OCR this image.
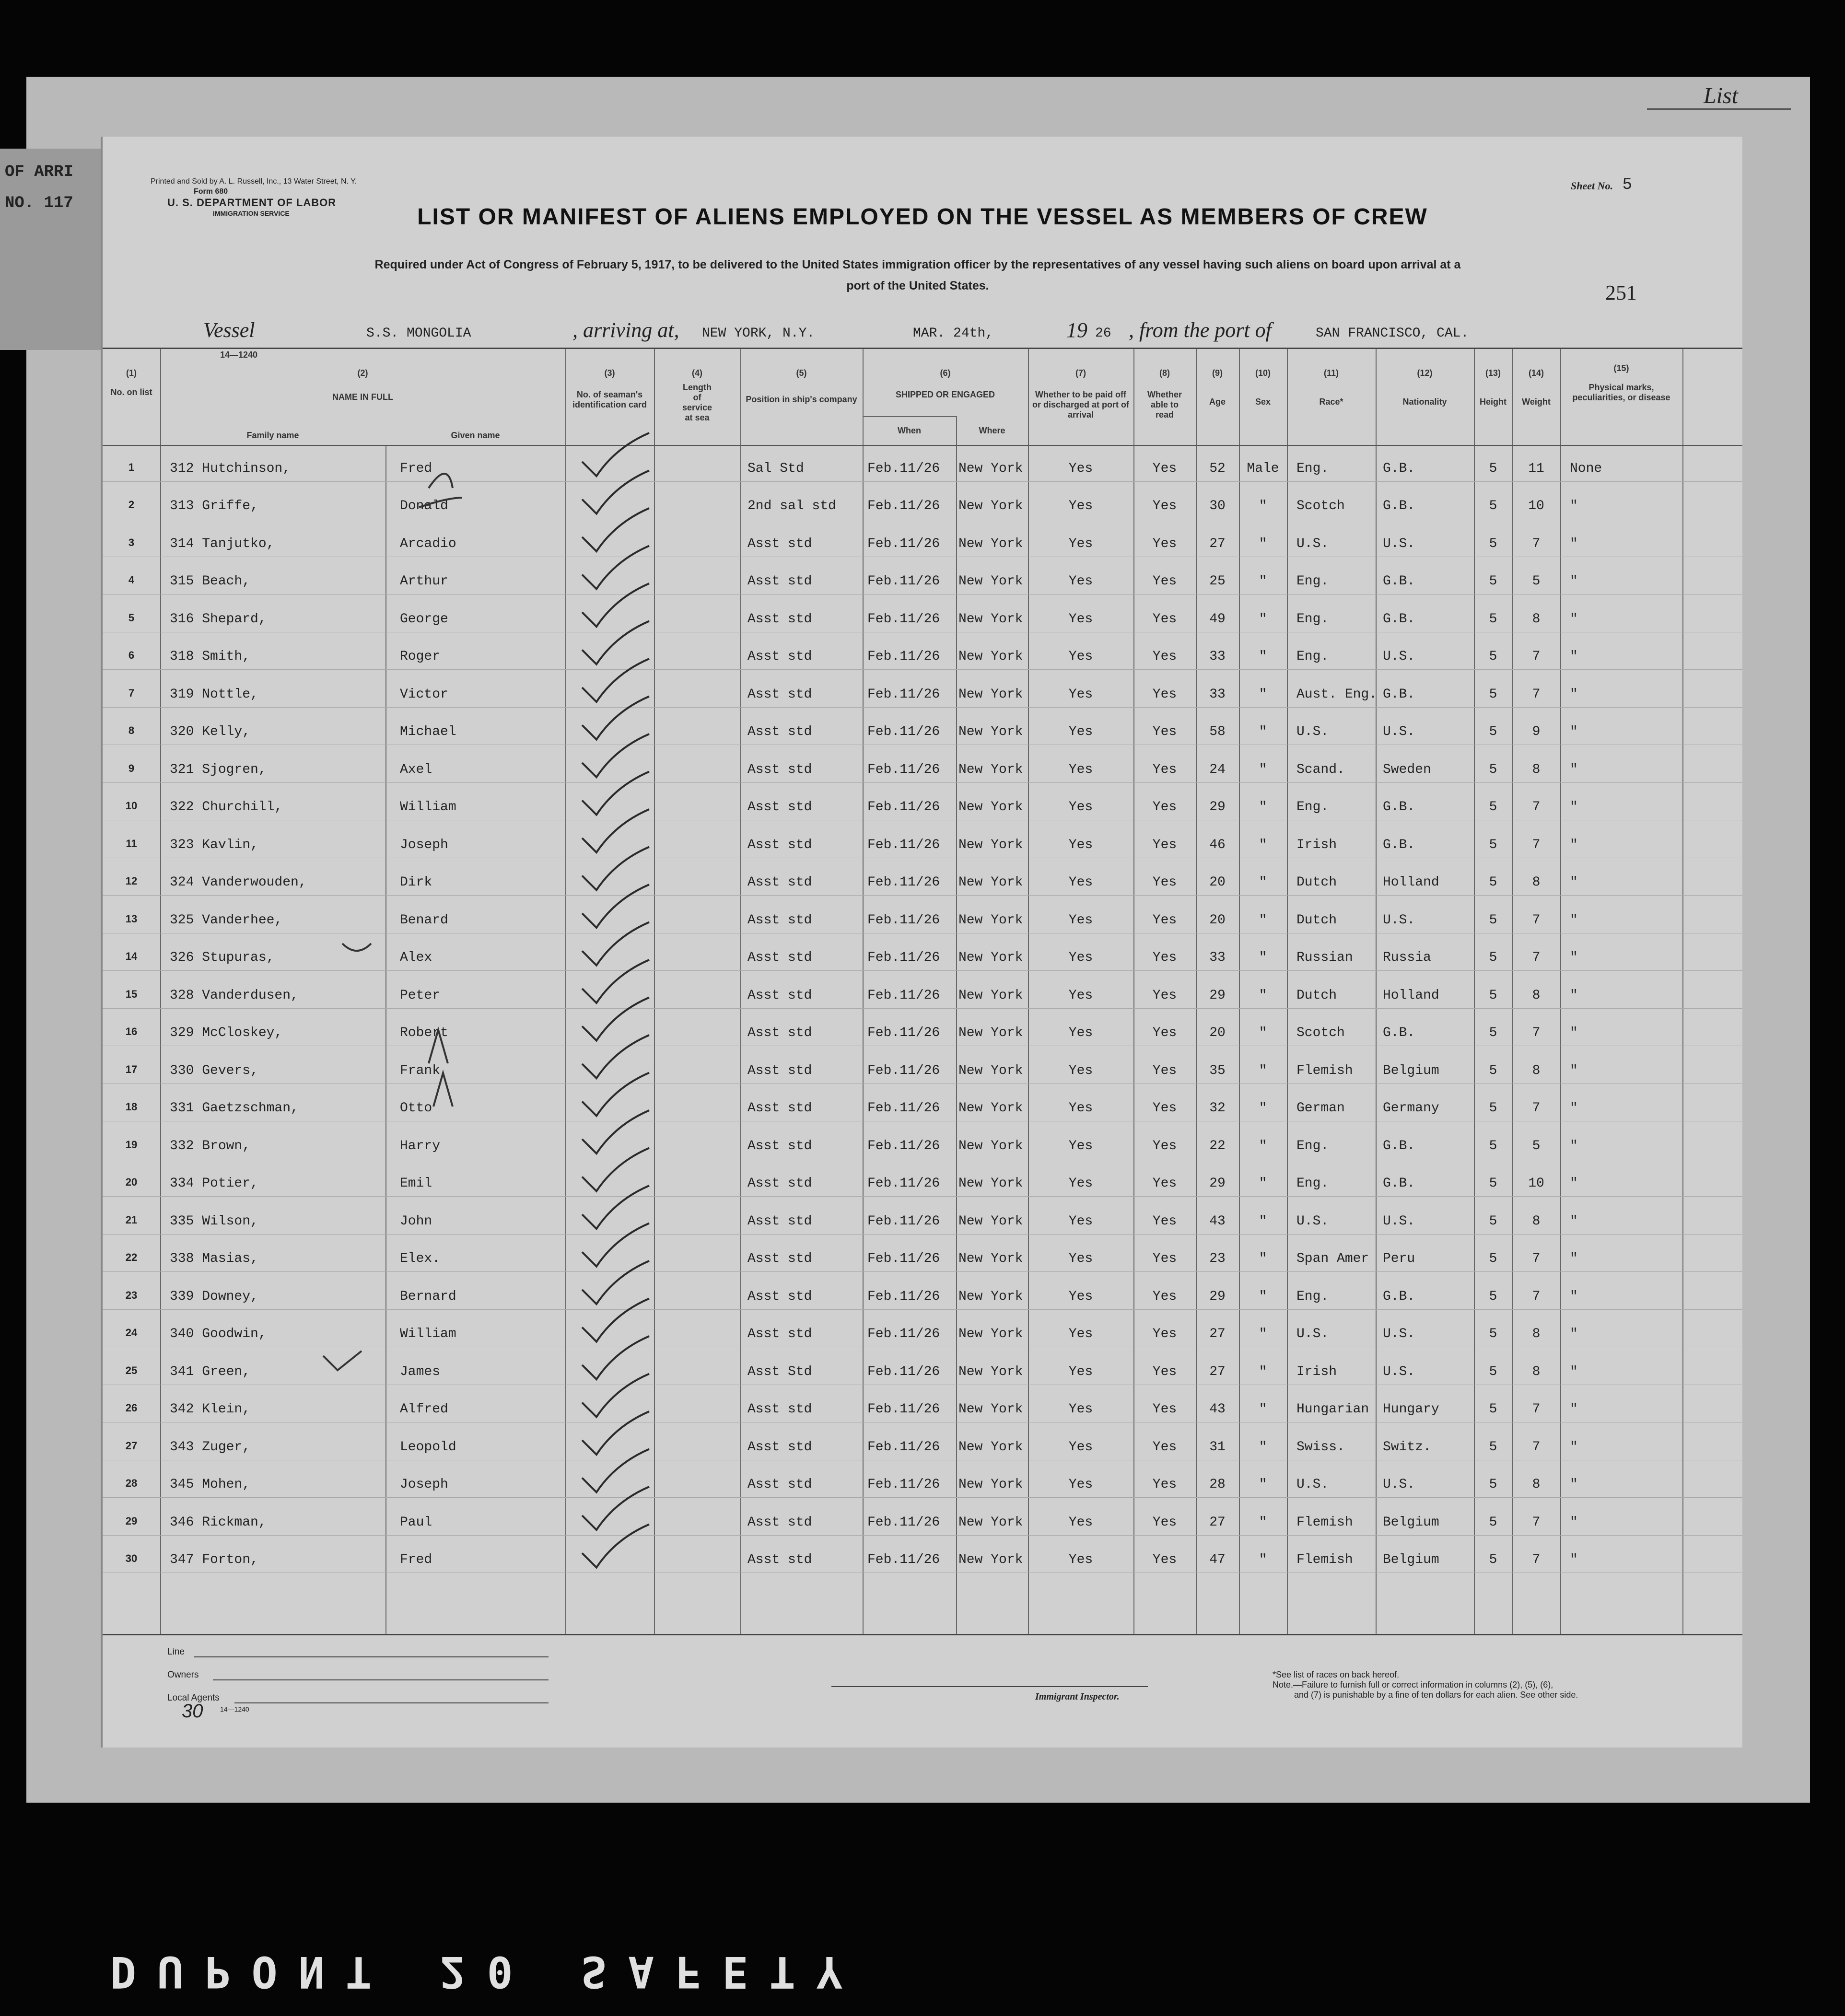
List
OF ARRI
NO. 117
Printed and Sold by A. L. Russell, Inc., 13 Water Street, N. Y.
Form 680
U. S. DEPARTMENT OF LABOR
IMMIGRATION SERVICE
Sheet No. 5
LIST OR MANIFEST OF ALIENS EMPLOYED ON THE VESSEL AS MEMBERS OF CREW
Required under Act of Congress of February 5, 1917, to be delivered to the United States immigration officer by the representatives of any vessel having such aliens on board upon arrival at a
port of the United States.	251
Vessel	S.S. MONGOLIA	, arriving at, NEW YORK, N.Y.	MAR. 24th,	19 26 , from the port of	SAN FRANCISCO, CAL.
14—1240
(1)
No. on list
(2)
NAME IN FULL
Family name	Given name
(3)
No. of seaman's identification card
(4)
Length of service at sea
(5)
Position in ship's company
(6)
SHIPPED OR ENGAGED
When	Where
(7)
Whether to be paid off or discharged at port of arrival
(8)
Whether able to read
(9)
Age
(10)
Sex
(11)
Race*
(12)
Nationality
(13)
Height
(14)
Weight
(15)
Physical marks, peculiarities, or disease
1	312 Hutchinson,	Fred	Sal Std	Feb.11/26	New York	Yes	Yes	52	Male	Eng.	G.B.	5	11	None
2	313 Griffe,	Donald	2nd sal std	Feb.11/26	New York	Yes	Yes	30	"	Scotch	G.B.	5	10	"
3	314 Tanjutko,	Arcadio	Asst std	Feb.11/26	New York	Yes	Yes	27	"	U.S.	U.S.	5	7	"
4	315 Beach,	Arthur	Asst std	Feb.11/26	New York	Yes	Yes	25	"	Eng.	G.B.	5	5	"
5	316 Shepard,	George	Asst std	Feb.11/26	New York	Yes	Yes	49	"	Eng.	G.B.	5	8	"
6	318 Smith,	Roger	Asst std	Feb.11/26	New York	Yes	Yes	33	"	Eng.	U.S.	5	7	"
7	319 Nottle,	Victor	Asst std	Feb.11/26	New York	Yes	Yes	33	"	Aust. Eng. G.B.	5	7	"
8	320 Kelly,	Michael	Asst std	Feb.11/26	New York	Yes	Yes	58	"	U.S.	U.S.	5	9	"
9	321 Sjogren,	Axel	Asst std	Feb.11/26	New York	Yes	Yes	24	"	Scand.	Sweden	5	8	"
10	322 Churchill,	William	Asst std	Feb.11/26	New York	Yes	Yes	29	"	Eng.	G.B.	5	7	"
11	323 Kavlin,	Joseph	Asst std	Feb.11/26	New York	Yes	Yes	46	"	Irish	G.B.	5	7	"
12	324 Vanderwouden,	Dirk	Asst std	Feb.11/26	New York	Yes	Yes	20	"	Dutch	Holland	5	8	"
13	325 Vanderhee,	Benard	Asst std	Feb.11/26	New York	Yes	Yes	20	"	Dutch	U.S.	5	7	"
14	326 Stupuras,	Alex	Asst std	Feb.11/26	New York	Yes	Yes	33	"	Russian	Russia	5	7	"
15	328 Vanderdusen,	Peter	Asst std	Feb.11/26	New York	Yes	Yes	29	"	Dutch	Holland	5	8	"
16	329 McCloskey,	Robert	Asst std	Feb.11/26	New York	Yes	Yes	20	"	Scotch	G.B.	5	7	"
17	330 Gevers,	Frank	Asst std	Feb.11/26	New York	Yes	Yes	35	"	Flemish	Belgium	5	8	"
18	331 Gaetzschman,	Otto	Asst std	Feb.11/26	New York	Yes	Yes	32	"	German	Germany	5	7	"
19	332 Brown,	Harry	Asst std	Feb.11/26	New York	Yes	Yes	22	"	Eng.	G.B.	5	5	"
20	334 Potier,	Emil	Asst std	Feb.11/26	New York	Yes	Yes	29	"	Eng.	G.B.	5	10	"
21	335 Wilson,	John	Asst std	Feb.11/26	New York	Yes	Yes	43	"	U.S.	U.S.	5	8	"
22	338 Masias,	Elex.	Asst std	Feb.11/26	New York	Yes	Yes	23	"	Span Amer	Peru	5	7	"
23	339 Downey,	Bernard	Asst std	Feb.11/26	New York	Yes	Yes	29	"	Eng.	G.B.	5	7	"
24	340 Goodwin,	William	Asst std	Feb.11/26	New York	Yes	Yes	27	"	U.S.	U.S.	5	8	"
25	341 Green,	James	Asst Std	Feb.11/26	New York	Yes	Yes	27	"	Irish	U.S.	5	8	"
26	342 Klein,	Alfred	Asst std	Feb.11/26	New York	Yes	Yes	43	"	Hungarian	Hungary	5	7	"
27	343 Zuger,	Leopold	Asst std	Feb.11/26	New York	Yes	Yes	31	"	Swiss.	Switz.	5	7	"
28	345 Mohen,	Joseph	Asst std	Feb.11/26	New York	Yes	Yes	28	"	U.S.	U.S.	5	8	"
29	346 Rickman,	Paul	Asst std	Feb.11/26	New York	Yes	Yes	27	"	Flemish	Belgium	5	7	"
30	347 Forton,	Fred	Asst std	Feb.11/26	New York	Yes	Yes	47	"	Flemish	Belgium	5	7	"
Line
Owners
Local Agents
14—1240
30
Immigrant Inspector.
*See list of races on back hereof.
Note.—Failure to furnish full or correct information in columns (2), (5), (6),
and (7) is punishable by a fine of ten dollars for each alien. See other side.
DUPONT 20 SAFETY
